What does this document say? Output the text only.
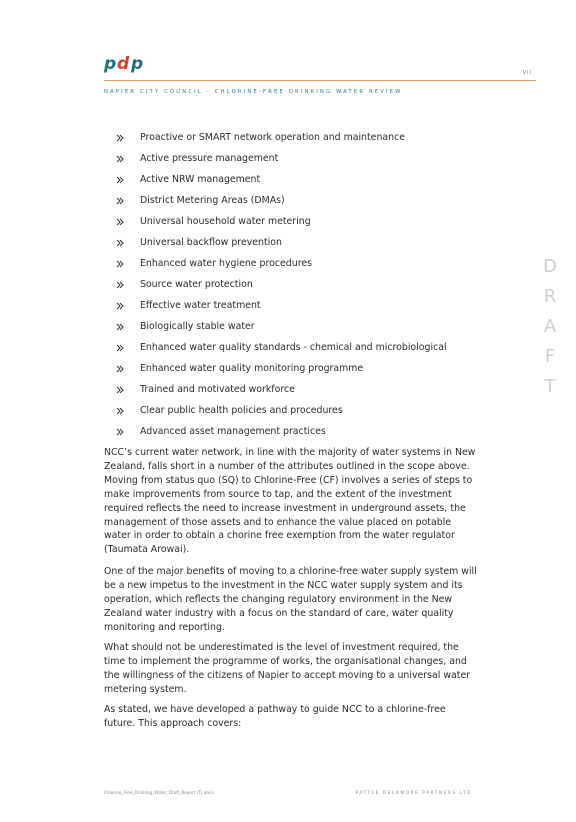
p d p	VII
NAPIER CITY COUNCIL - CHLORINE-FREE DRINKING WATER REVIEW
Proactive or SMART network operation and maintenance
Active pressure management
Active NRW management
District Metering Areas (DMAs)
Universal household water metering
Universal backflow prevention
Enhanced water hygiene procedures
Source water protection
Effective water treatment
Biologically stable water
Enhanced water quality standards - chemical and microbiological
Enhanced water quality monitoring programme
Trained and motivated workforce
Clear public health policies and procedures
Advanced asset management practices

NCC’s current water network, in line with the majority of water systems in New Zealand, falls short in a number of the attributes outlined in the scope above. Moving from status quo (SQ) to Chlorine-Free (CF) involves a series of steps to make improvements from source to tap, and the extent of the investment required reflects the need to increase investment in underground assets, the management of those assets and to enhance the value placed on potable water in order to obtain a chorine free exemption from the water regulator (Taumata Arowai).

One of the major benefits of moving to a chlorine-free water supply system will be a new impetus to the investment in the NCC water supply system and its operation, which reflects the changing regulatory environment in the New Zealand water industry with a focus on the standard of care, water quality monitoring and reporting.

What should not be underestimated is the level of investment required, the time to implement the programme of works, the organisational changes, and the willingness of the citizens of Napier to accept moving to a universal water metering system.

As stated, we have developed a pathway to guide NCC to a chlorine-free future. This approach covers:

D
R
A
F
T
Chlorine_Free_Drinking_Water_Draft_Report (T).docx	PATTLE DELAMORE PARTNERS LTD
